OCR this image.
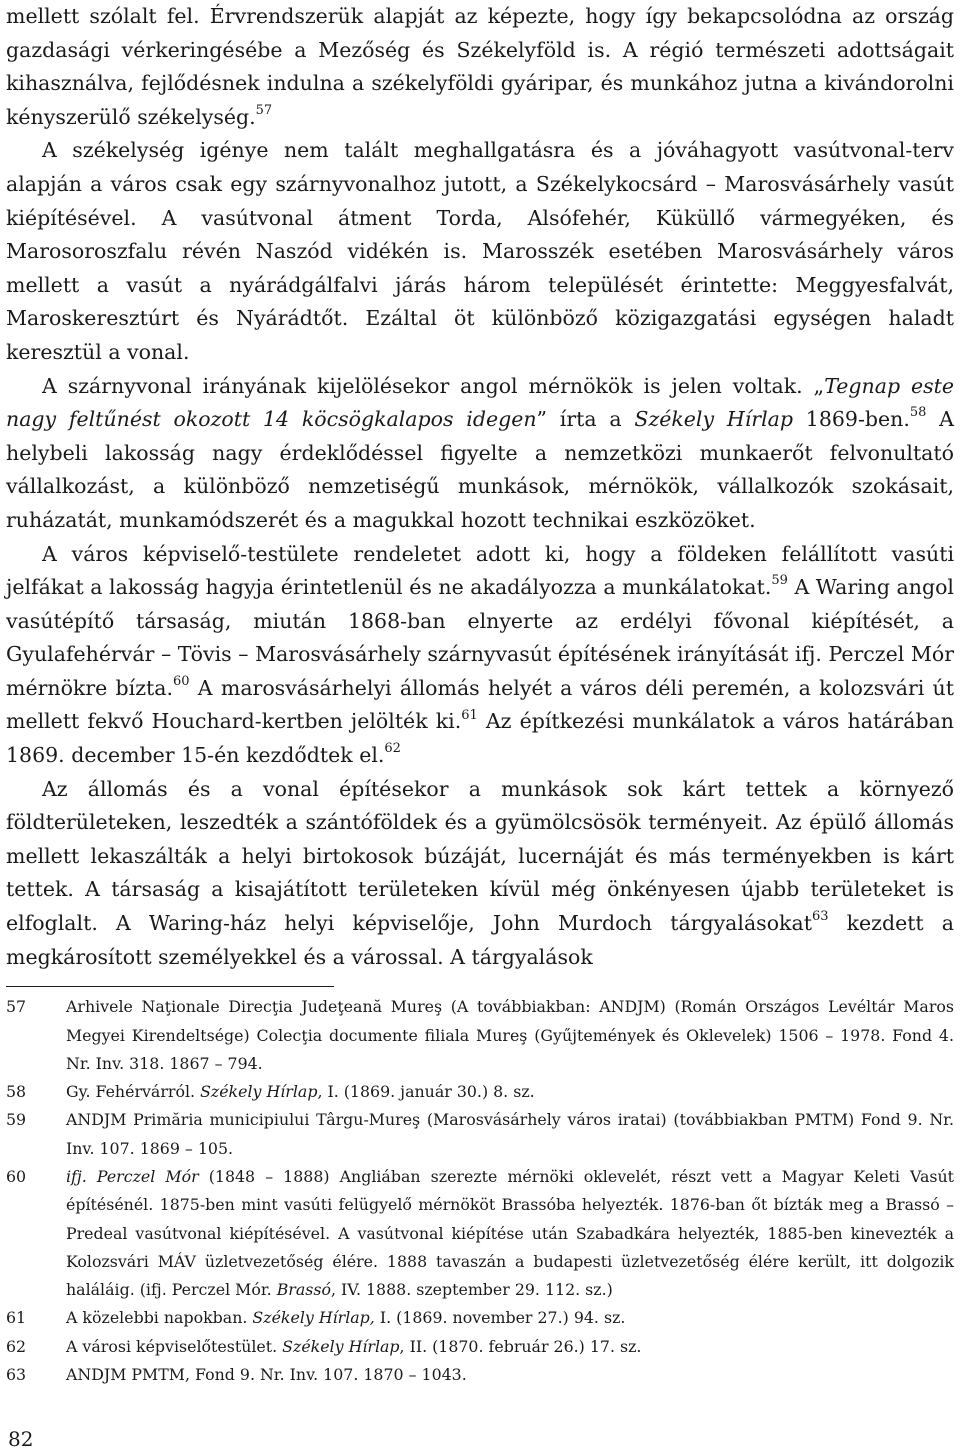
mellett szólalt fel. Érvrendszerük alapját az képezte, hogy így bekapcsolódna az ország gazdasági vérkeringésébe a Mezőség és Székelyföld is. A régió természeti adottságait kihasználva, fejlődésnek indulna a székelyföldi gyáripar, és munkához jutna a kivándorolni kényszerülő székelység.$^{57}$

A székelység igénye nem talált meghallgatásra és a jóváhagyott vasútvonal-terv alapján a város csak egy szárnyvonalhoz jutott, a Székelykocsárd – Marosvásárhely vasút kiépítésével. A vasútvonal átment Torda, Alsófehér, Küküllő vármegyéken, és Marosoroszfalu révén Naszód vidékén is. Marosszék esetében Marosvásárhely város mellett a vasút a nyárádgálfalvi járás három települését érintette: Meggyesfalvát, Maroskeresztúrt és Nyárádtőt. Ezáltal öt különböző közigazgatási egységen haladt keresztül a vonal.

A szárnyvonal irányának kijelölésekor angol mérnökök is jelen voltak. „Tegnap este nagy feltűnést okozott 14 köcsögkalapos idegen” írta a Székely Hírlap 1869-ben.$^{58}$ A helybeli lakosság nagy érdeklődéssel figyelte a nemzetközi munkaerőt felvonultató vállalkozást, a különböző nemzetiségű munkások, mérnökök, vállalkozók szokásait, ruházatát, munkamódszerét és a magukkal hozott technikai eszközöket.

A város képviselő-testülete rendeletet adott ki, hogy a földeken felállított vasúti jelfákat a lakosság hagyja érintetlenül és ne akadályozza a munkálatokat.$^{59}$ A Waring angol vasútépítő társaság, miután 1868-ban elnyerte az erdélyi fővonal kiépítését, a Gyulafehérvár – Tövis – Marosvásárhely szárnyvasút építésének irányítását ifj. Perczel Mór mérnökre bízta.$^{60}$ A marosvásárhelyi állomás helyét a város déli peremén, a kolozsvári út mellett fekvő Houchard-kertben jelölték ki.$^{61}$ Az építkezési munkálatok a város határában 1869. december 15-én kezdődtek el.$^{62}$

Az állomás és a vonal építésekor a munkások sok kárt tettek a környező földterületeken, leszedték a szántóföldek és a gyümölcsösök terményeit. Az épülő állomás mellett lekaszálták a helyi birtokosok búzáját, lucernáját és más terményekben is kárt tettek. A társaság a kisajátított területeken kívül még önkényesen újabb területeket is elfoglalt. A Waring-ház helyi képviselője, John Murdoch tárgyalásokat$^{63}$ kezdett a megkárosított személyekkel és a várossal. A tárgyalások

57	Arhivele Naţionale Direcţia Judeţeană Mureş (A továbbiakban: ANDJM) (Román Országos Levéltár Maros Megyei Kirendeltsége) Colecţia documente filiala Mureş (Gyűjtemények és Oklevelek) 1506 – 1978. Fond 4. Nr. Inv. 318. 1867 – 794.
58	Gy. Fehérvárról. Székely Hírlap, I. (1869. január 30.) 8. sz.
59	ANDJM Primăria municipiului Târgu-Mureş (Marosvásárhely város iratai) (továbbiakban PMTM) Fond 9. Nr. Inv. 107. 1869 – 105.
60	ifj. Perczel Mór (1848 – 1888) Angliában szerezte mérnöki oklevelét, részt vett a Magyar Keleti Vasút építésénél. 1875-ben mint vasúti felügyelő mérnököt Brassóba helyezték. 1876-ban őt bízták meg a Brassó – Predeal vasútvonal kiépítésével. A vasútvonal kiépítése után Szabadkára helyezték, 1885-ben kinevezték a Kolozsvári MÁV üzletvezetőség élére. 1888 tavaszán a budapesti üzletvezetőség élére került, itt dolgozik haláláig. (ifj. Perczel Mór. Brassó, IV. 1888. szeptember 29. 112. sz.)
61	A közelebbi napokban. Székely Hírlap, I. (1869. november 27.) 94. sz.
62	A városi képviselőtestület. Székely Hírlap, II. (1870. február 26.) 17. sz.
63	ANDJM PMTM, Fond 9. Nr. Inv. 107. 1870 – 1043.
82
